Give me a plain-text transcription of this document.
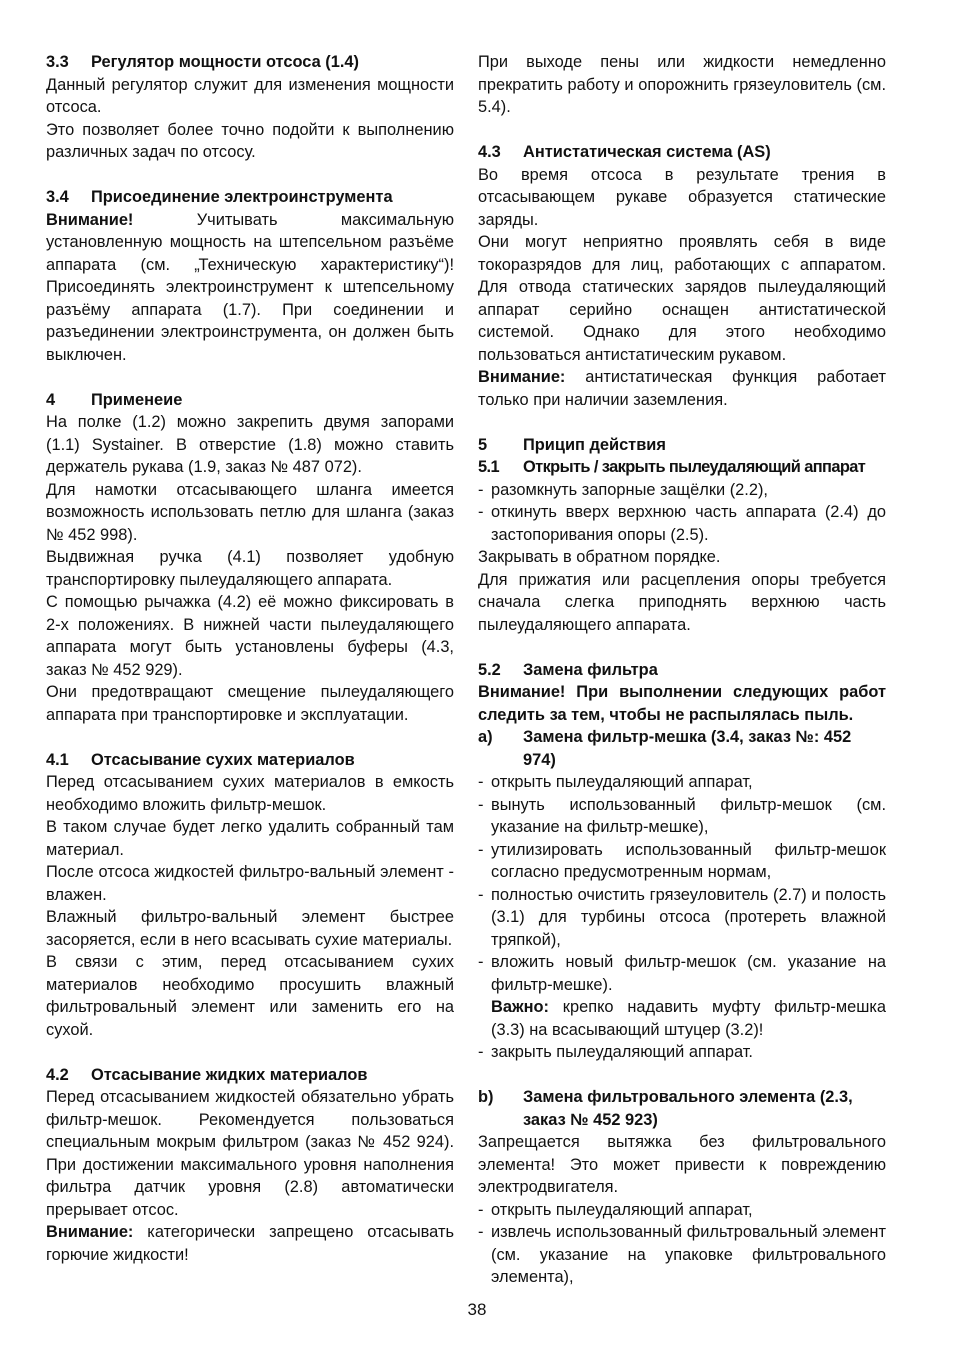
3.3	Регулятор мощности отсоса (1.4)

Данный регулятор служит для изменения мощности отсоса.

Это позволяет более точно подойти к выполнению различных задач по отсосу.

3.4	Присоединение электроинструмента

Внимание! Учитывать максимальную установленную мощность на штепсельном разъёме аппарата (см. „Техническую характеристику“)! Присоединять электроинструмент к штепсельному разъёму аппарата (1.7). При соединении и разъединении электроинструмента, он должен быть выключен.

4	Применеие

На полке (1.2) можно закрепить двумя запорами (1.1) Systainer. В отверстие (1.8) можно ставить держатель рукава (1.9, заказ № 487 072).

Для намотки отсасывающего шланга имеется возможность использовать петлю для шланга (заказ № 452 998).

Выдвижная ручка (4.1) позволяет удобную транспортировку пылеудаляющего аппарата.

С помощью рычажка (4.2) её можно фиксировать в 2-х положениях. В нижней части пылеудаляющего аппарата могут быть установлены буферы (4.3, заказ № 452 929).

Они предотвращают смещение пылеудаляющего аппарата при транспортировке и эксплуатации.

4.1	Отсасывание сухих материалов

Перед отсасыванием сухих материалов в емкость необходимо вложить фильтр-мешок.

В таком случае будет легко удалить собранный там материал.

После отсоса жидкостей фильтро-вальный элемент - влажен.

Влажный фильтро-вальный элемент быстрее засоряется, если в него всасывать сухие материалы.

В связи с этим, перед отсасыванием сухих материалов необходимо просушить влажный фильтровальный элемент или заменить его на сухой.

4.2	Отсасывание жидких материалов

Перед отсасыванием жидкостей обязательно убрать фильтр-мешок. Рекомендуется пользоваться специальным мокрым фильтром (заказ № 452 924). При достижении максимального уровня наполнения фильтра датчик уровня (2.8) автоматически прерывает отсос.

Внимание: категорически запрещено отсасывать горючие жидкости!

При выходе пены или жидкости немедленно прекратить работу и опорожнить грязеуловитель (см. 5.4).

4.3	Антистатическая система (AS)

Во время отсоса в результате трения в отсасывающем рукаве образуется статические заряды.

Они могут неприятно проявлять себя в виде токоразрядов для лиц, работающих с аппаратом. Для отвода статических зарядов пылеудаляющий аппарат серийно оснащен антистатической системой. Однако для этого необходимо пользоваться антистатическим рукавом.

Внимание: антистатическая функция работает только при наличии заземления.

5	Прицип действия
5.1	Открыть / закрыть пылеудаляющий аппарат
- разомкнуть запорные защёлки (2.2),
- откинуть вверх верхнюю часть аппарата (2.4) до застопоривания опоры (2.5).

Закрывать в обратном порядке.

Для прижатия или расцепления опоры требуется сначала слегка приподнять верхнюю часть пылеудаляющего аппарата.

5.2	Замена фильтра

Внимание! При выполнении следующих работ следить за тем, чтобы не распылялась пыль.

a)	Замена фильтр-мешка (3.4, заказ №: 452 974)
- открыть пылеудаляющий аппарат,
- вынуть использованный фильтр-мешок (см. указание на фильтр-мешке),
- утилизировать использованный фильтр-мешок согласно предусмотренным нормам,
- полностью очистить грязеуловитель (2.7) и полость (3.1) для турбины отсоса (протереть влажной тряпкой),
- вложить новый фильтр-мешок (см. указание на фильтр-мешке).
Важно: крепко надавить муфту фильтр-мешка (3.3) на всасывающий штуцер (3.2)!
- закрыть пылеудаляющий аппарат.
b)	Замена фильтровального элемента (2.3, заказ № 452 923)

Запрещается вытяжка без фильтровального элемента! Это может привести к повреждению электродвигателя.

- открыть пылеудаляющий аппарат,
- извлечь использованный фильтровальный элемент (см. указание на упаковке фильтровального элемента),
38
